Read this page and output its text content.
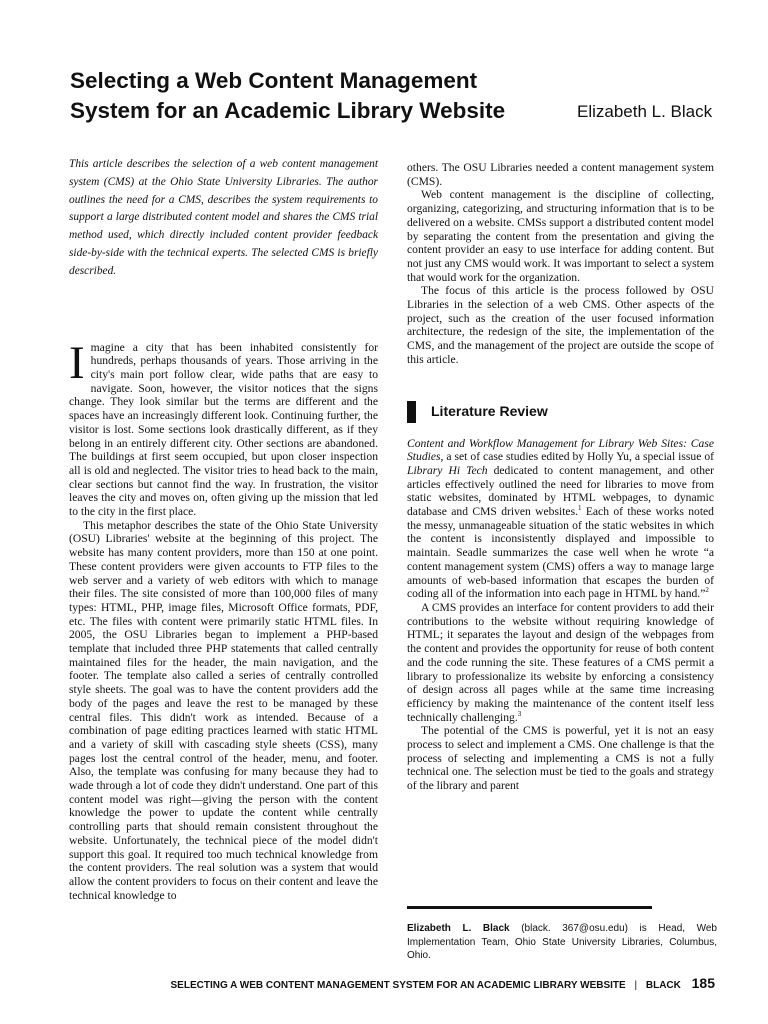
Selecting a Web Content Management
System for an Academic Library Website	Elizabeth L. Black

This article describes the selection of a web content management system (CMS) at the Ohio State University Libraries. The author outlines the need for a CMS, describes the system requirements to support a large distributed content model and shares the CMS trial method used, which directly included content provider feedback side-by-side with the technical experts. The selected CMS is briefly described.

Imagine a city that has been inhabited consistently for hundreds, perhaps thousands of years. Those arriving in the city's main port follow clear, wide paths that are easy to navigate. Soon, however, the visitor notices that the signs change. They look similar but the terms are different and the spaces have an increasingly different look. Continuing further, the visitor is lost. Some sections look drastically different, as if they belong in an entirely different city. Other sections are abandoned. The buildings at first seem occupied, but upon closer inspection all is old and neglected. The visitor tries to head back to the main, clear sections but cannot find the way. In frustration, the visitor leaves the city and moves on, often giving up the mission that led to the city in the first place.

This metaphor describes the state of the Ohio State University (OSU) Libraries' website at the beginning of this project. The website has many content providers, more than 150 at one point. These content providers were given accounts to FTP files to the web server and a variety of web editors with which to manage their files. The site consisted of more than 100,000 files of many types: HTML, PHP, image files, Microsoft Office formats, PDF, etc. The files with content were primarily static HTML files. In 2005, the OSU Libraries began to implement a PHP-based template that included three PHP statements that called centrally maintained files for the header, the main navigation, and the footer. The template also called a series of centrally controlled style sheets. The goal was to have the content providers add the body of the pages and leave the rest to be managed by these central files. This didn't work as intended. Because of a combination of page editing practices learned with static HTML and a variety of skill with cascading style sheets (CSS), many pages lost the central control of the header, menu, and footer. Also, the template was confusing for many because they had to wade through a lot of code they didn't understand. One part of this content model was right—giving the person with the content knowledge the power to update the content while centrally controlling parts that should remain consistent throughout the website. Unfortunately, the technical piece of the model didn't support this goal. It required too much technical knowledge from the content providers. The real solution was a system that would allow the content providers to focus on their content and leave the technical knowledge to

others. The OSU Libraries needed a content management system (CMS).

Web content management is the discipline of collecting, organizing, categorizing, and structuring information that is to be delivered on a website. CMSs support a distributed content model by separating the content from the presentation and giving the content provider an easy to use interface for adding content. But not just any CMS would work. It was important to select a system that would work for the organization.

The focus of this article is the process followed by OSU Libraries in the selection of a web CMS. Other aspects of the project, such as the creation of the user focused information architecture, the redesign of the site, the implementation of the CMS, and the management of the project are outside the scope of this article.

Literature Review

Content and Workflow Management for Library Web Sites: Case Studies, a set of case studies edited by Holly Yu, a special issue of Library Hi Tech dedicated to content management, and other articles effectively outlined the need for libraries to move from static websites, dominated by HTML webpages, to dynamic database and CMS driven websites.$^1$ Each of these works noted the messy, unmanageable situation of the static websites in which the content is inconsistently displayed and impossible to maintain. Seadle summarizes the case well when he wrote “a content management system (CMS) offers a way to manage large amounts of web-based information that escapes the burden of coding all of the information into each page in HTML by hand.”$^2$

A CMS provides an interface for content providers to add their contributions to the website without requiring knowledge of HTML; it separates the layout and design of the webpages from the content and provides the opportunity for reuse of both content and the code running the site. These features of a CMS permit a library to professionalize its website by enforcing a consistency of design across all pages while at the same time increasing efficiency by making the maintenance of the content itself less technically challenging.$^3$

The potential of the CMS is powerful, yet it is not an easy process to select and implement a CMS. One challenge is that the process of selecting and implementing a CMS is not a fully technical one. The selection must be tied to the goals and strategy of the library and parent

Elizabeth L. Black (black. 367@osu.edu) is Head, Web Implementation Team, Ohio State University Libraries, Columbus, Ohio.
SELECTING A WEB CONTENT MANAGEMENT SYSTEM FOR AN ACADEMIC LIBRARY WEBSITE | BLACK 185
